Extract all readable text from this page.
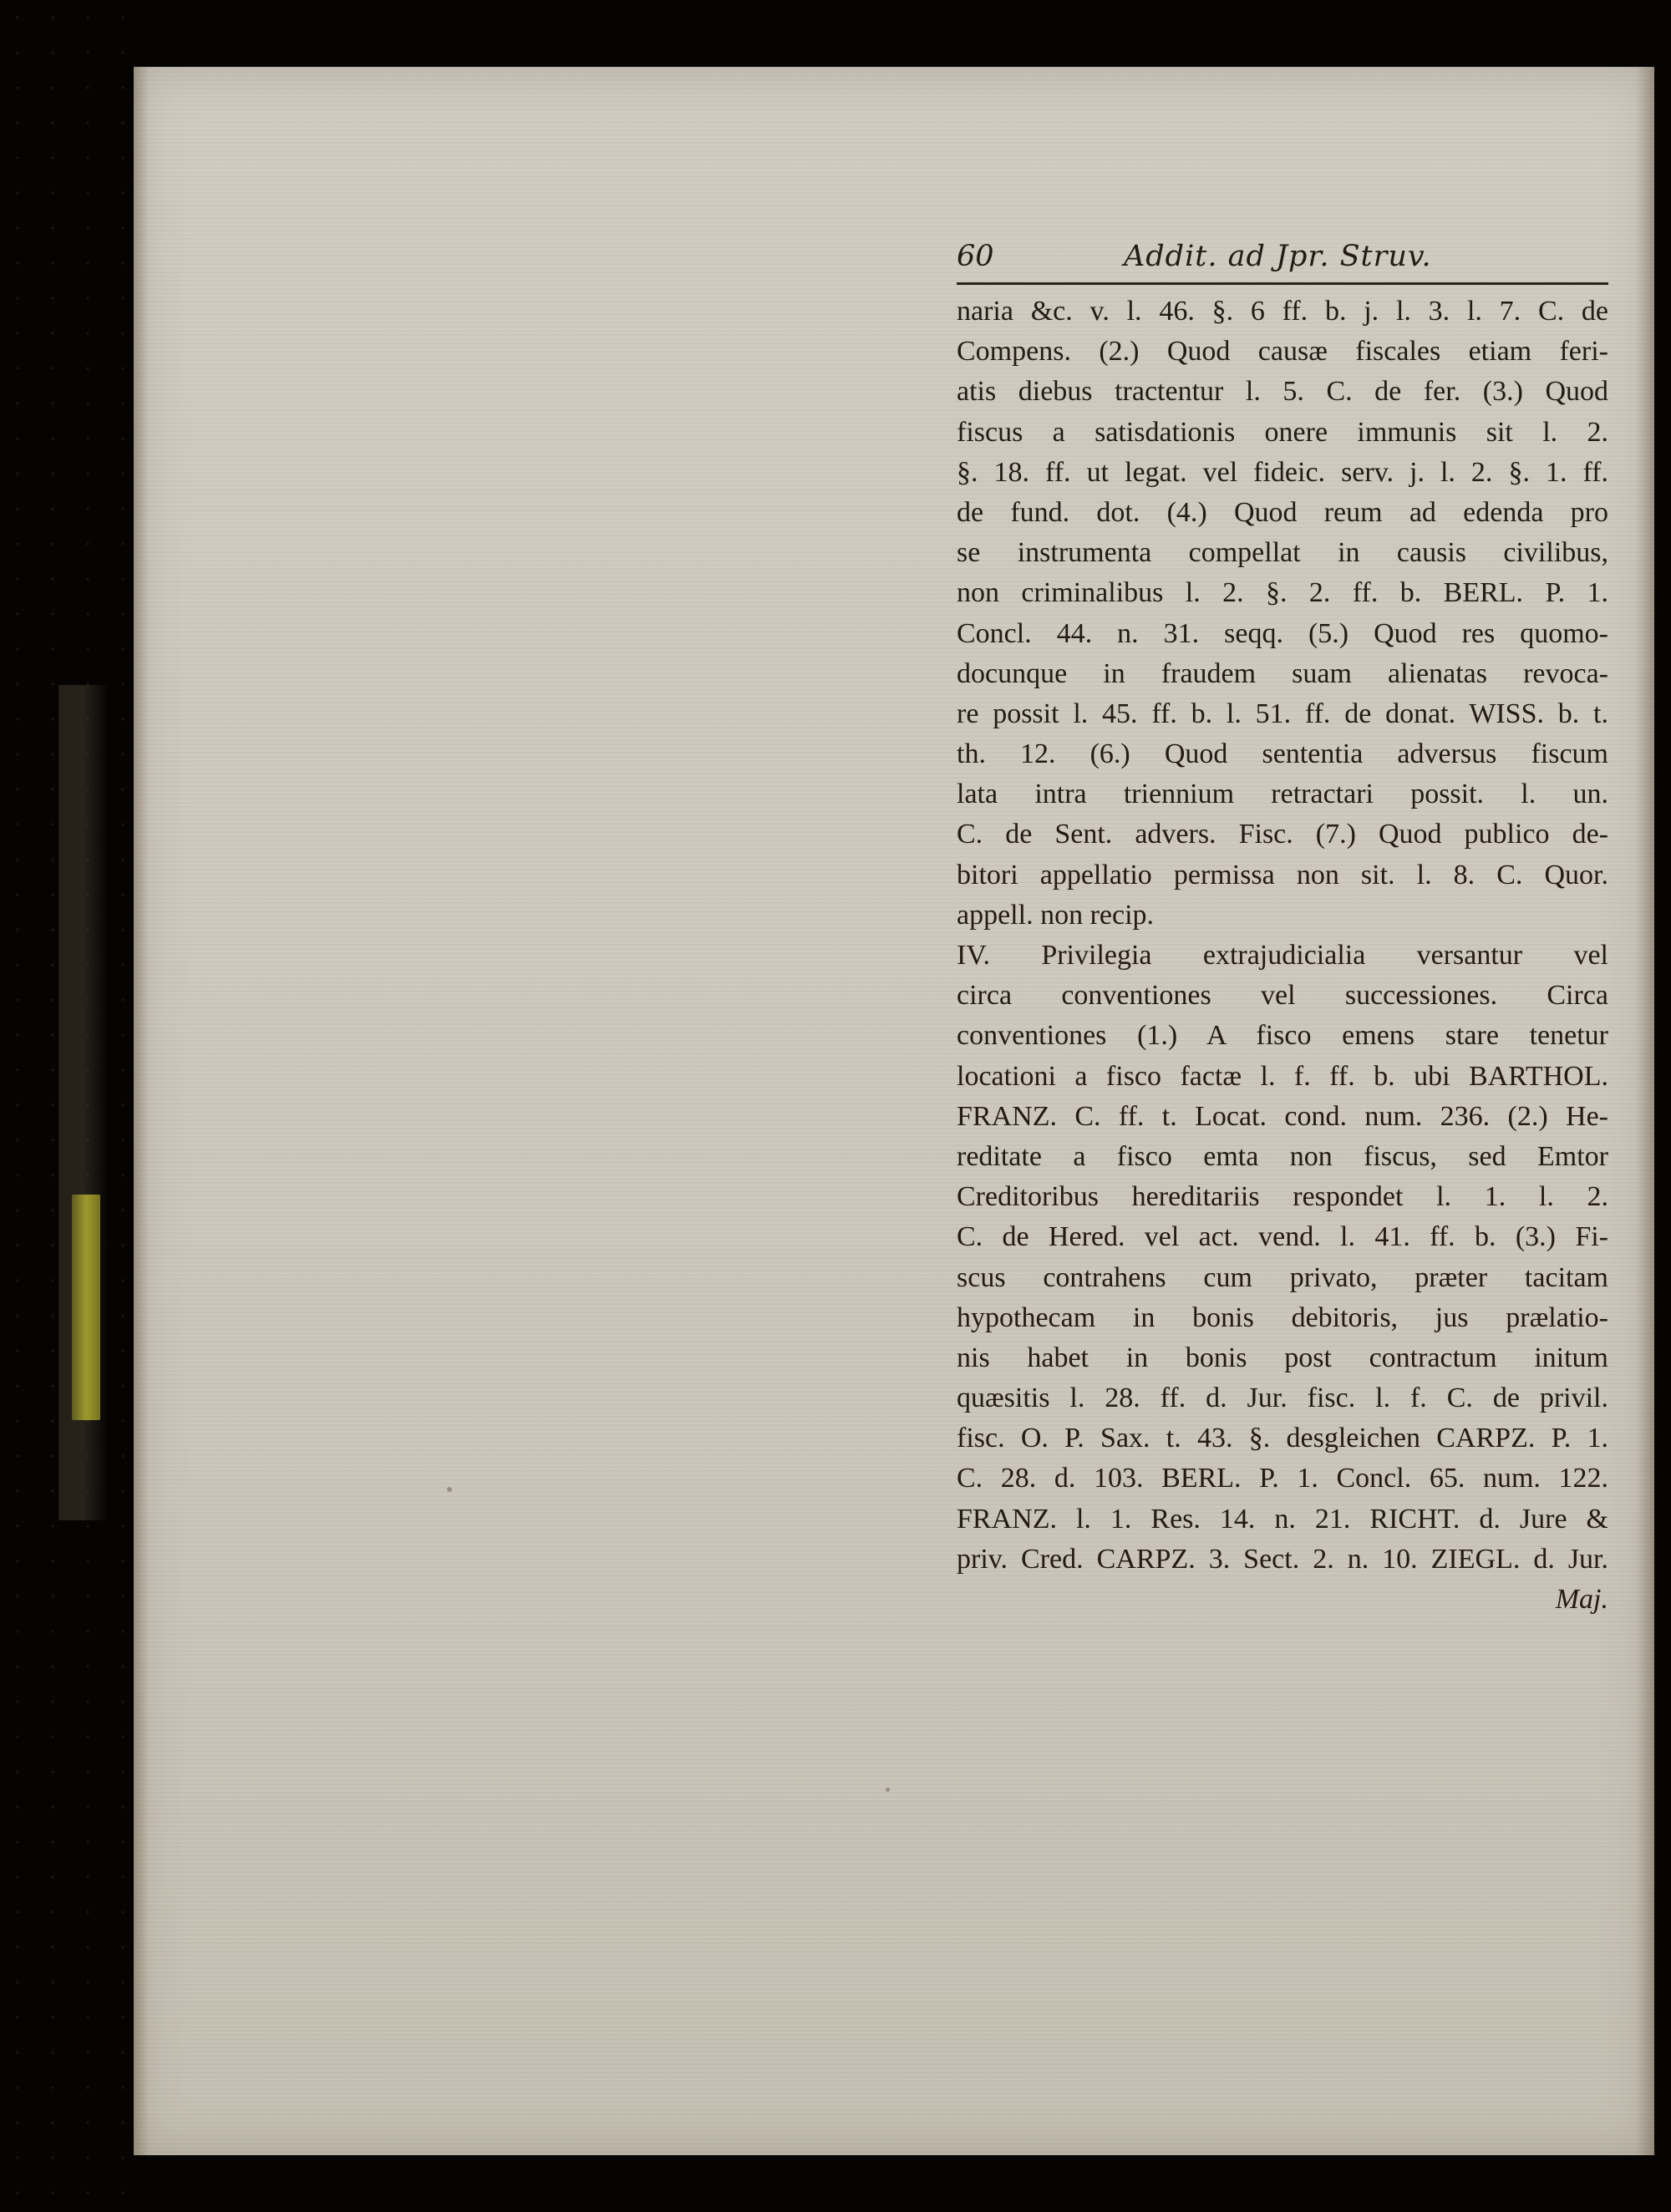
60	Addit. ad Jpr. Struv.
naria &c. v. l. 46. §. 6 ff. b. j. l. 3. l. 7. C. de
Compens. (2.) Quod causæ fiscales etiam feri-
atis diebus tractentur l. 5. C. de fer. (3.) Quod
fiscus a satisdationis onere immunis sit l. 2.
§. 18. ff. ut legat. vel fideic. serv. j. l. 2. §. 1. ff.
de fund. dot. (4.) Quod reum ad edenda pro
se instrumenta compellat in causis civilibus,
non criminalibus l. 2. §. 2. ff. b. BERL. P. 1.
Concl. 44. n. 31. seqq. (5.) Quod res quomo-
docunque in fraudem suam alienatas revoca-
re possit l. 45. ff. b. l. 51. ff. de donat. WISS. b. t.
th. 12. (6.) Quod sententia adversus fiscum
lata intra triennium retractari possit. l. un.
C. de Sent. advers. Fisc. (7.) Quod publico de-
bitori appellatio permissa non sit. l. 8. C. Quor.
appell. non recip.
IV. Privilegia extrajudicialia versantur vel
circa conventiones vel successiones. Circa
conventiones (1.) A fisco emens stare tenetur
locationi a fisco factæ l. f. ff. b. ubi BARTHOL.
FRANZ. C. ff. t. Locat. cond. num. 236. (2.) He-
reditate a fisco emta non fiscus, sed Emtor
Creditoribus hereditariis respondet l. 1. l. 2.
C. de Hered. vel act. vend. l. 41. ff. b. (3.) Fi-
scus contrahens cum privato, præter tacitam
hypothecam in bonis debitoris, jus prælatio-
nis habet in bonis post contractum initum
quæsitis l. 28. ff. d. Jur. fisc. l. f. C. de privil.
fisc. O. P. Sax. t. 43. §. desgleichen CARPZ. P. 1.
C. 28. d. 103. BERL. P. 1. Concl. 65. num. 122.
FRANZ. l. 1. Res. 14. n. 21. RICHT. d. Jure &
priv. Cred. CARPZ. 3. Sect. 2. n. 10. ZIEGL. d. Jur.
Maj.
